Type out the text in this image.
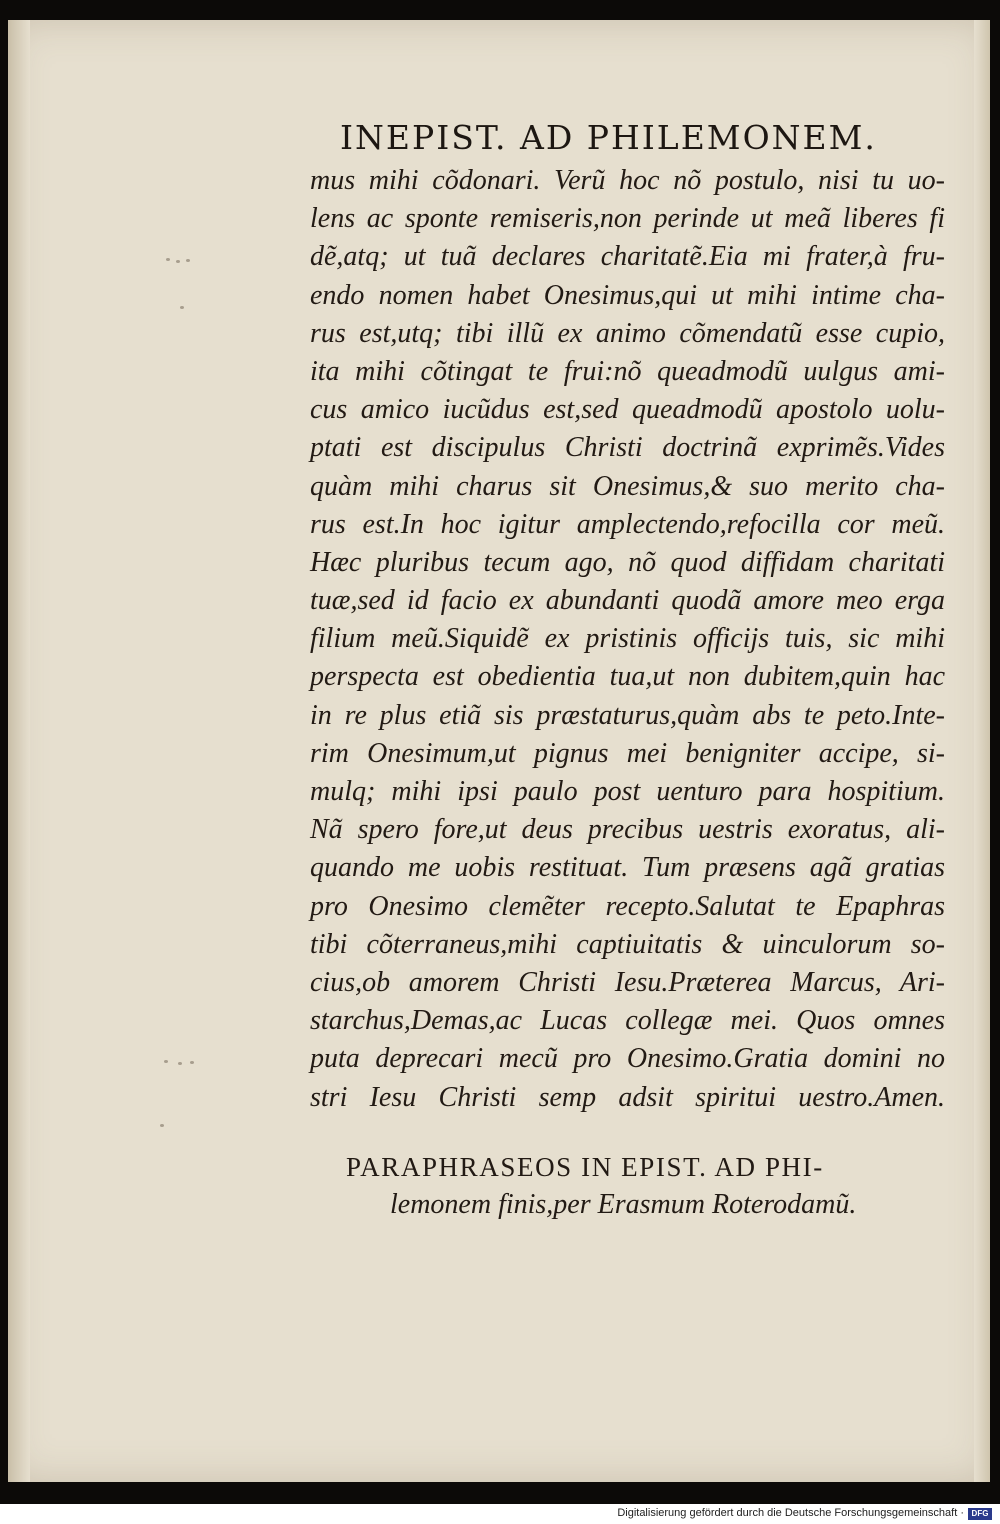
INEPIST. AD PHILEMONEM.
mus mihi cõdonari. Verũ hoc nõ postulo, nisi tu uo-
lens ac sponte remiseris,non perinde ut meã liberes fi
dẽ,atq; ut tuã declares charitatẽ.Eia mi frater,à fru-
endo nomen habet Onesimus,qui ut mihi intime cha-
rus est,utq; tibi illũ ex animo cõmendatũ esse cupio,
ita mihi cõtingat te frui:nõ queadmodũ uulgus ami-
cus amico iucũdus est,sed queadmodũ apostolo uolu-
ptati est discipulus Christi doctrinã exprimẽs.Vides
quàm mihi charus sit Onesimus,& suo merito cha-
rus est.In hoc igitur amplectendo,refocilla cor meũ.
Hæc pluribus tecum ago, nõ quod diffidam charitati
tuæ,sed id facio ex abundanti quodã amore meo erga
filium meũ.Siquidẽ ex pristinis officijs tuis, sic mihi
perspecta est obedientia tua,ut non dubitem,quin hac
in re plus etiã sis præstaturus,quàm abs te peto.Inte-
rim Onesimum,ut pignus mei benigniter accipe, si-
mulq; mihi ipsi paulo post uenturo para hospitium.
Nã spero fore,ut deus precibus uestris exoratus, ali-
quando me uobis restituat. Tum præsens agã gratias
pro Onesimo clemẽter recepto.Salutat te Epaphras
tibi cõterraneus,mihi captiuitatis & uinculorum so-
cius,ob amorem Christi Iesu.Præterea Marcus, Ari-
starchus,Demas,ac Lucas collegæ mei. Quos omnes
puta deprecari mecũ pro Onesimo.Gratia domini no
stri Iesu Christi semp adsit spiritui uestro.Amen.
PARAPHRASEOS IN EPIST. AD PHI-
lemonem finis,per Erasmum Roterodamũ.
Digitalisierung gefördert durch die Deutsche Forschungsgemeinschaft · DFG
